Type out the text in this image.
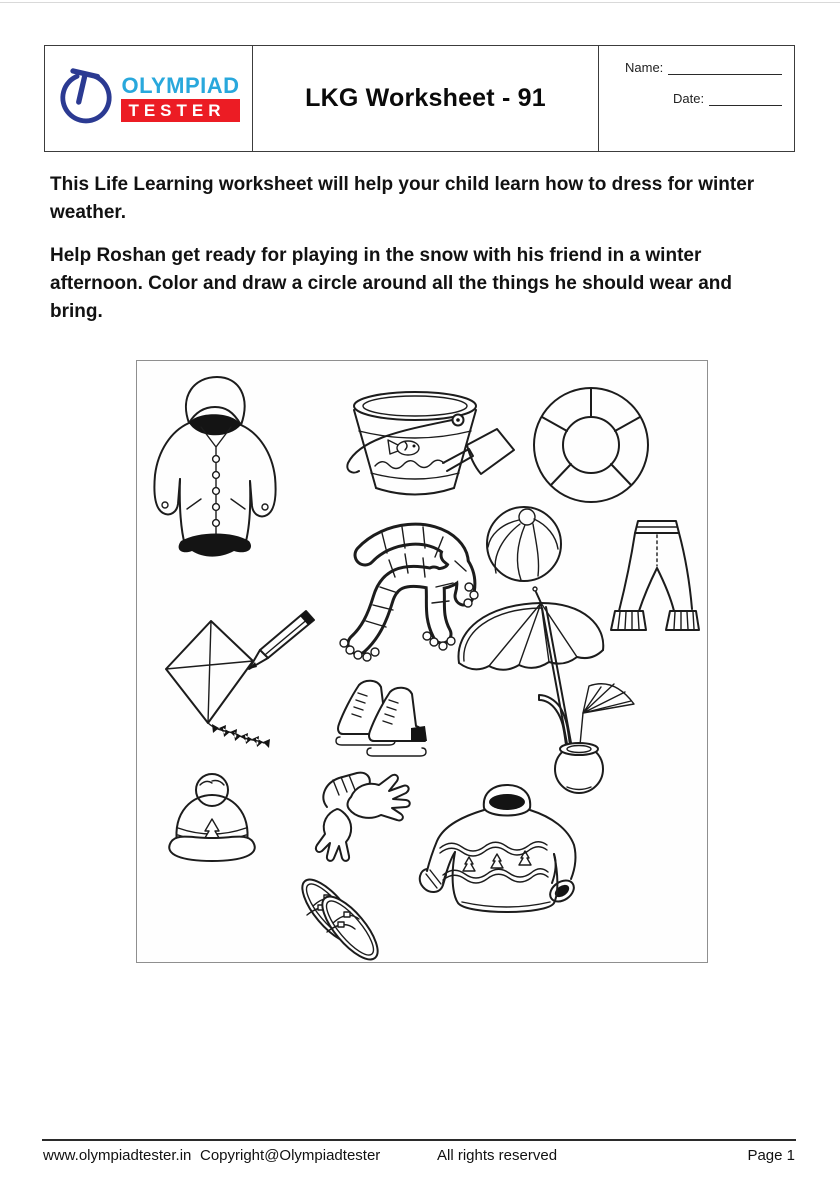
OLYMPIAD
TESTER	LKG Worksheet - 91
Name:
Date:
This Life Learning worksheet will help your child learn how to dress for winter
weather.
Help Roshan get ready for playing in the snow with his friend in a winter
afternoon. Color and draw a circle around all the things he should wear and
bring.
www.olympiadtester.in Copyright@Olympiadtester	All rights reserved	Page 1
